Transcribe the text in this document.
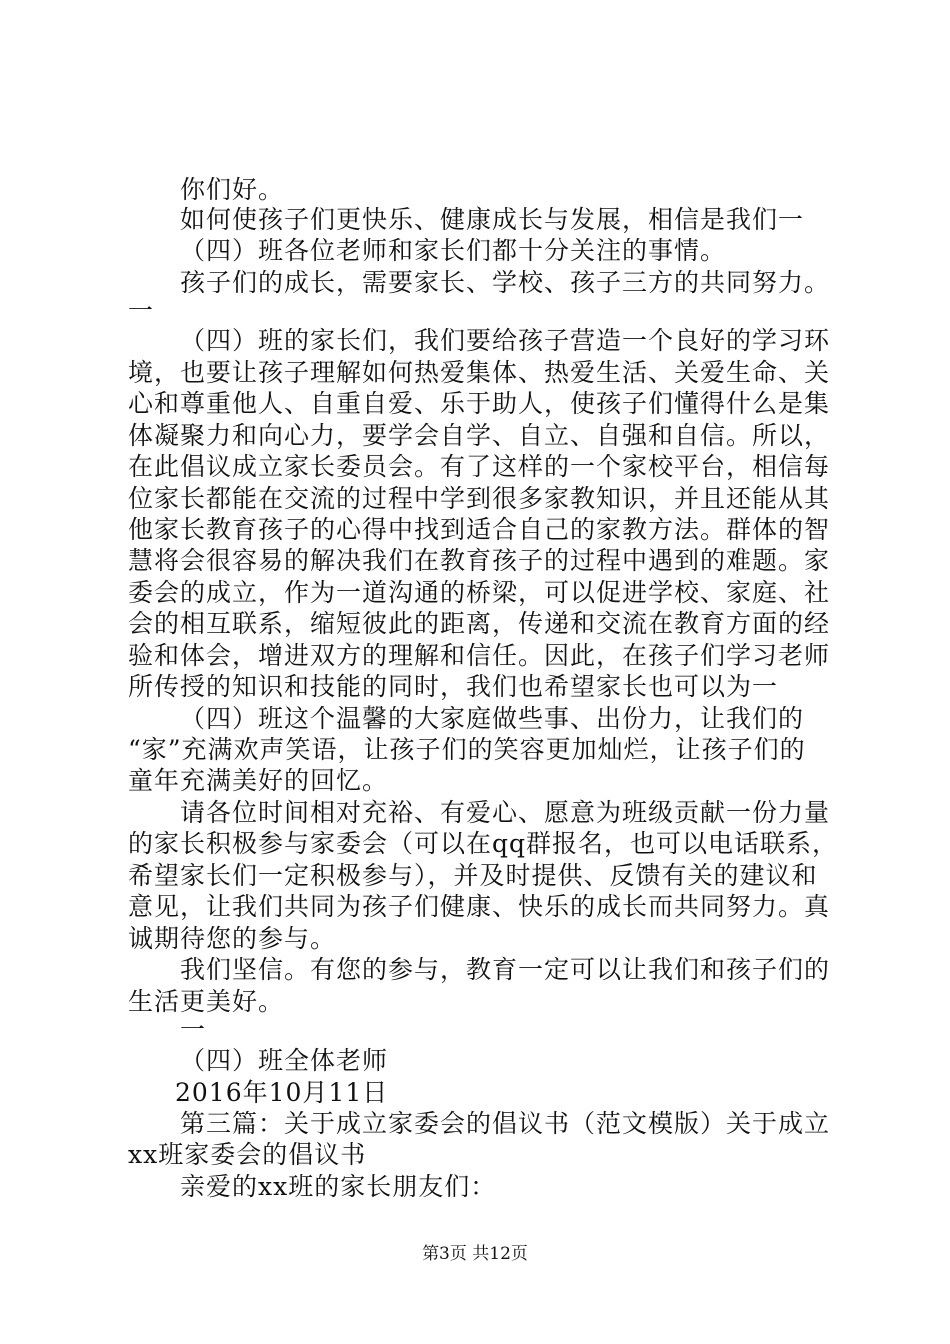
你们好。
如何使孩子们更快乐、健康成长与发展，相信是我们一
（四）班各位老师和家长们都十分关注的事情。
孩子们的成长，需要家长、学校、孩子三方的共同努力。
一
（四）班的家长们，我们要给孩子营造一个良好的学习环
境，也要让孩子理解如何热爱集体、热爱生活、关爱生命、关
心和尊重他人、自重自爱、乐于助人，使孩子们懂得什么是集
体凝聚力和向心力，要学会自学、自立、自强和自信。所以，
在此倡议成立家长委员会。有了这样的一个家校平台，相信每
位家长都能在交流的过程中学到很多家教知识，并且还能从其
他家长教育孩子的心得中找到适合自己的家教方法。群体的智
慧将会很容易的解决我们在教育孩子的过程中遇到的难题。家
委会的成立，作为一道沟通的桥梁，可以促进学校、家庭、社
会的相互联系，缩短彼此的距离，传递和交流在教育方面的经
验和体会，增进双方的理解和信任。因此，在孩子们学习老师
所传授的知识和技能的同时，我们也希望家长也可以为一
（四）班这个温馨的大家庭做些事、出份力，让我们的
“家”充满欢声笑语，让孩子们的笑容更加灿烂，让孩子们的
童年充满美好的回忆。
请各位时间相对充裕、有爱心、愿意为班级贡献一份力量
的家长积极参与家委会（可以在qq群报名，也可以电话联系，
希望家长们一定积极参与），并及时提供、反馈有关的建议和
意见，让我们共同为孩子们健康、快乐的成长而共同努力。真
诚期待您的参与。
我们坚信。有您的参与，教育一定可以让我们和孩子们的
生活更美好。
一
（四）班全体老师
2016年10月11日
第三篇：关于成立家委会的倡议书（范文模版）关于成立
xx班家委会的倡议书
亲爱的xx班的家长朋友们：
第3页 共12页
